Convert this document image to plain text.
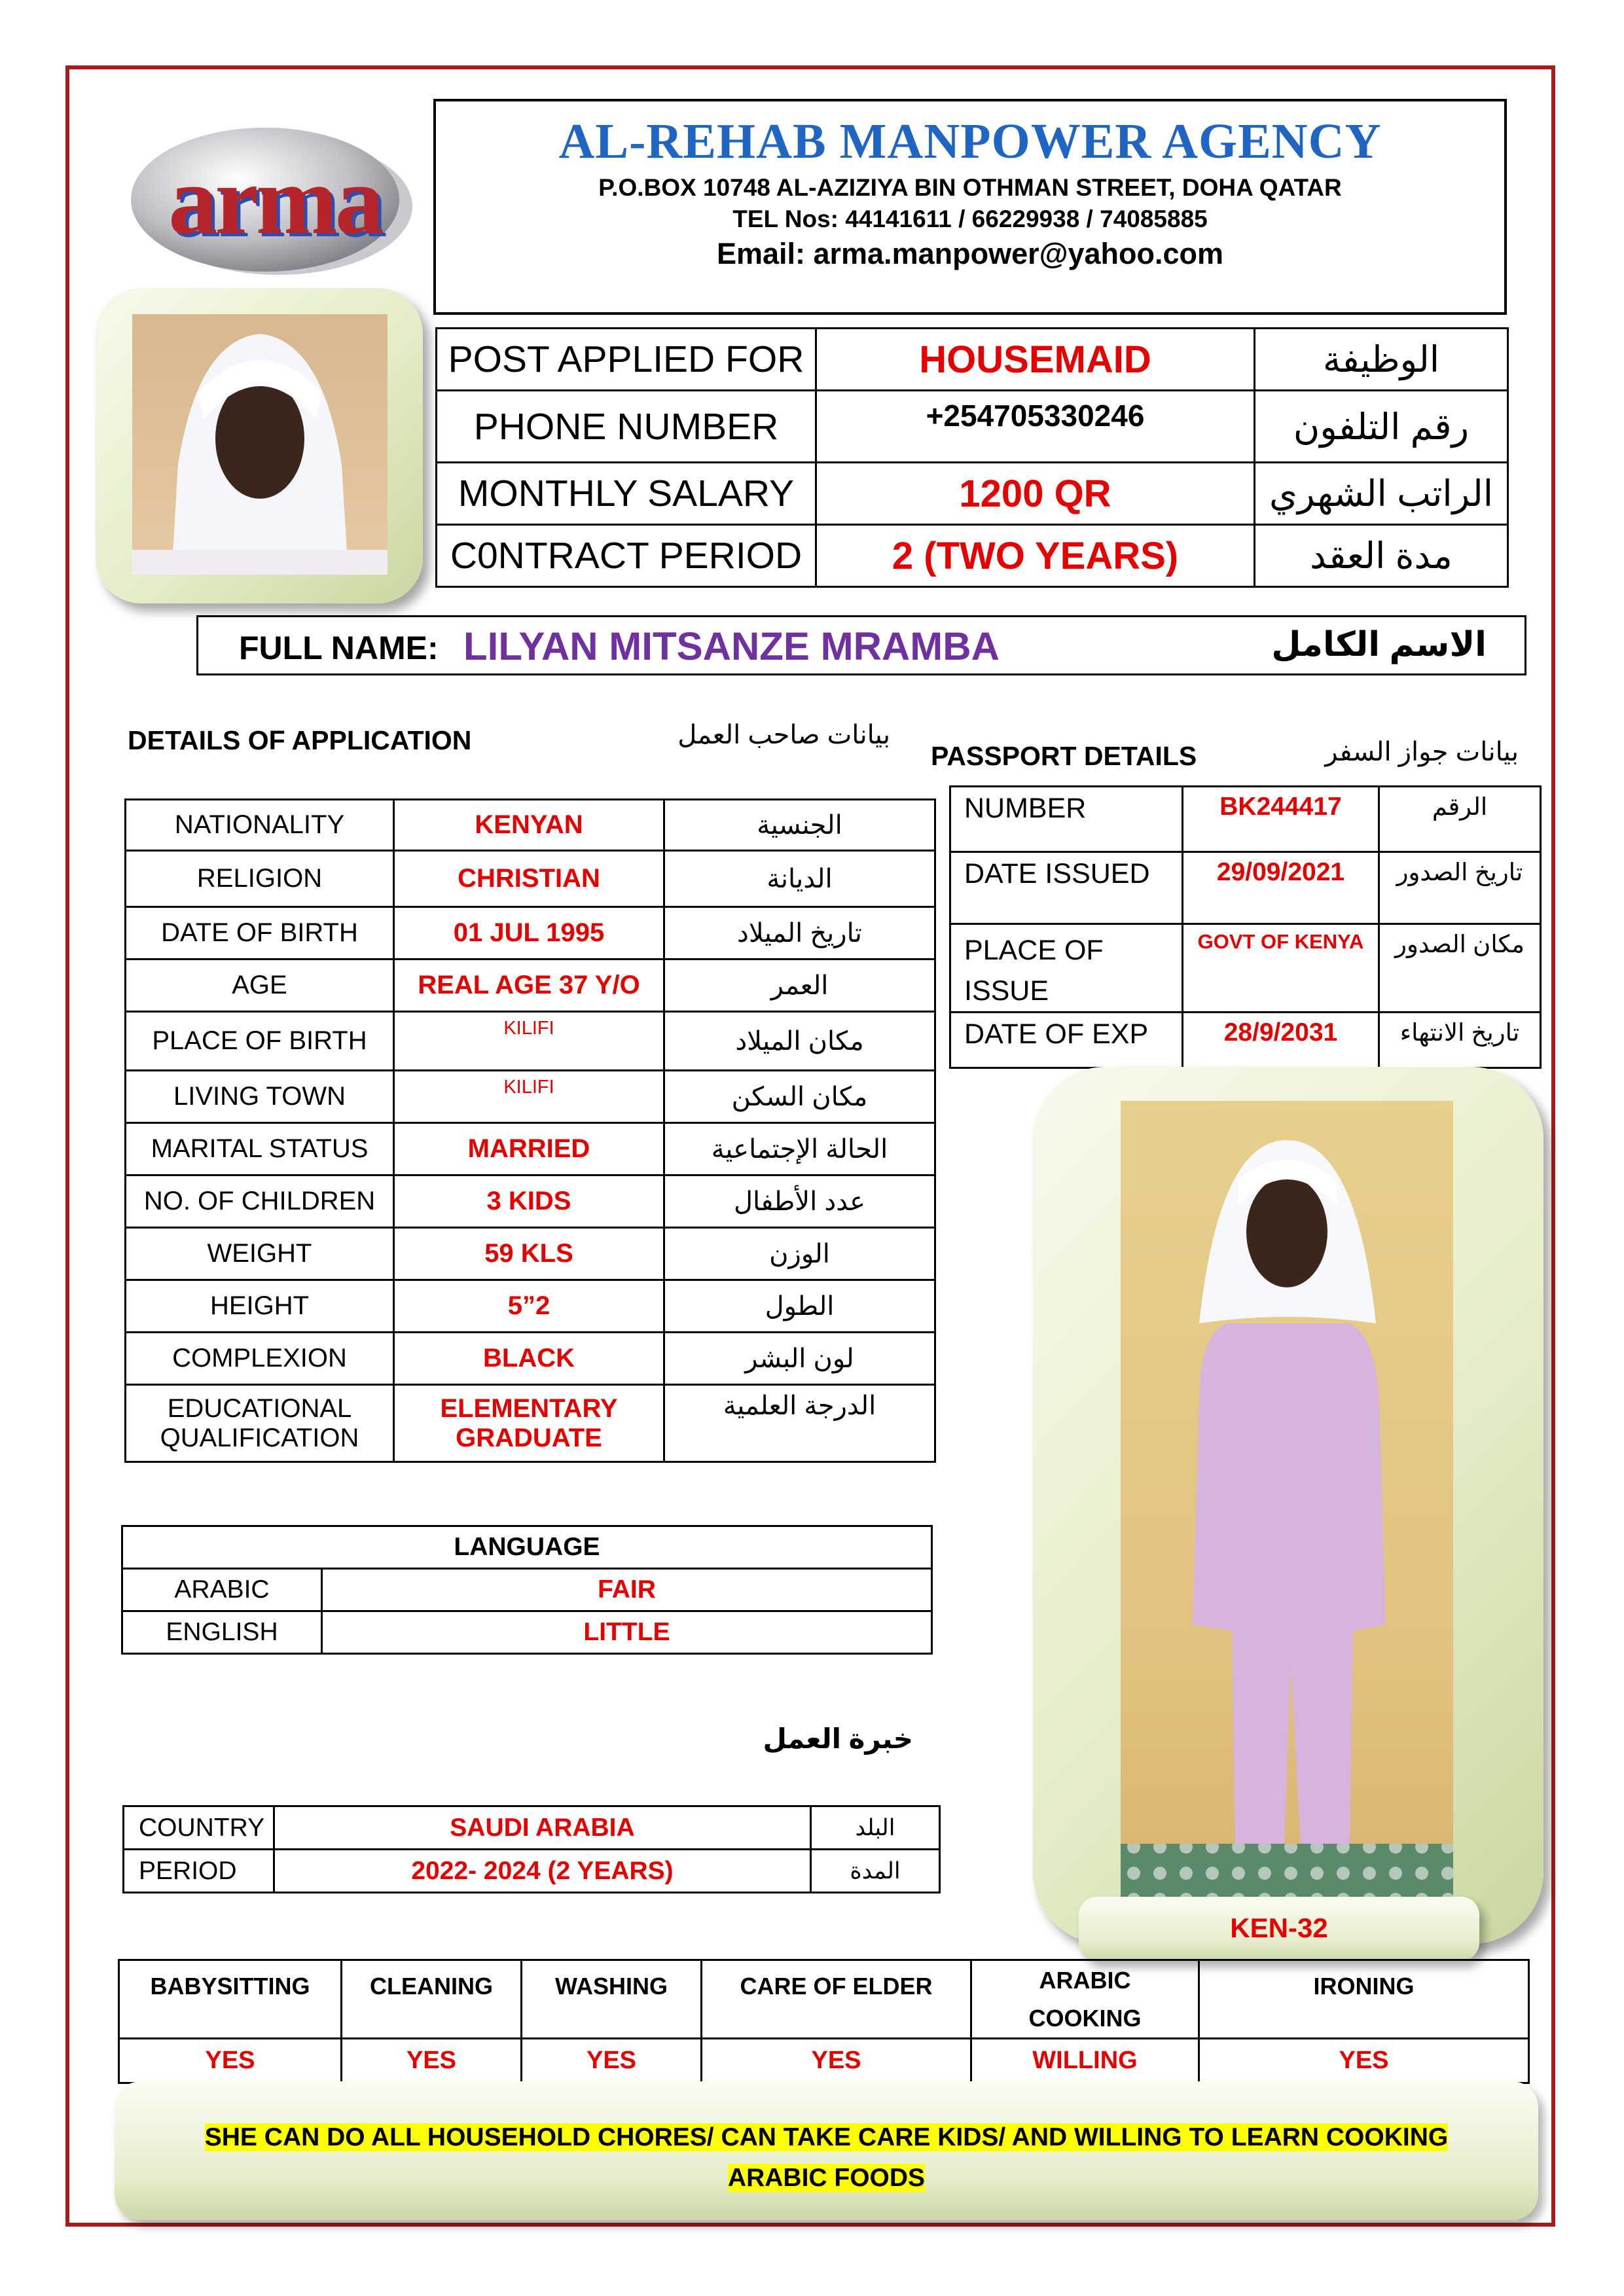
arma
AL-REHAB MANPOWER AGENCY
P.O.BOX 10748 AL-AZIZIYA BIN OTHMAN STREET, DOHA QATAR
TEL Nos: 44141611 / 66229938 / 74085885
Email: arma.manpower@yahoo.com
POST APPLIED FOR	HOUSEMAID	الوظيفة
PHONE NUMBER	+254705330246	رقم التلفون
MONTHLY SALARY	1200 QR	الراتب الشهري
C0NTRACT PERIOD	2 (TWO YEARS)	مدة العقد
FULL NAME: LILYAN MITSANZE MRAMBA	الاسم الكامل
DETAILS OF APPLICATION	بيانات صاحب العمل
NATIONALITY	KENYAN	الجنسية
RELIGION	CHRISTIAN	الديانة
DATE OF BIRTH	01 JUL 1995	تاريخ الميلاد
AGE	REAL AGE 37 Y/O	العمر
PLACE OF BIRTH	KILIFI	مكان الميلاد
LIVING TOWN	KILIFI	مكان السكن
MARITAL STATUS	MARRIED	الحالة الإجتماعية
NO. OF CHILDREN	3 KIDS	عدد الأطفال
WEIGHT	59 KLS	الوزن
HEIGHT	5”2	الطول
COMPLEXION	BLACK	لون البشر
EDUCATIONAL QUALIFICATION	ELEMENTARY GRADUATE	الدرجة العلمية
PASSPORT DETAILS	بيانات جواز السفر
NUMBER	BK244417	الرقم
DATE ISSUED	29/09/2021	تاريخ الصدور
PLACE OF ISSUE	GOVT OF KENYA	مكان الصدور
DATE OF EXP	28/9/2031	تاريخ الانتهاء
KEN-32
LANGUAGE	
ARABIC	FAIR
ENGLISH	LITTLE
خبرة العمل
COUNTRY	SAUDI ARABIA	البلد
PERIOD	2022- 2024 (2 YEARS)	المدة
BABYSITTING	CLEANING	WASHING	CARE OF ELDER	ARABIC COOKING	IRONING

YES	YES	YES	YES	WILLING	YES
SHE CAN DO ALL HOUSEHOLD CHORES/ CAN TAKE CARE KIDS/ AND WILLING TO LEARN COOKING ARABIC FOODS
